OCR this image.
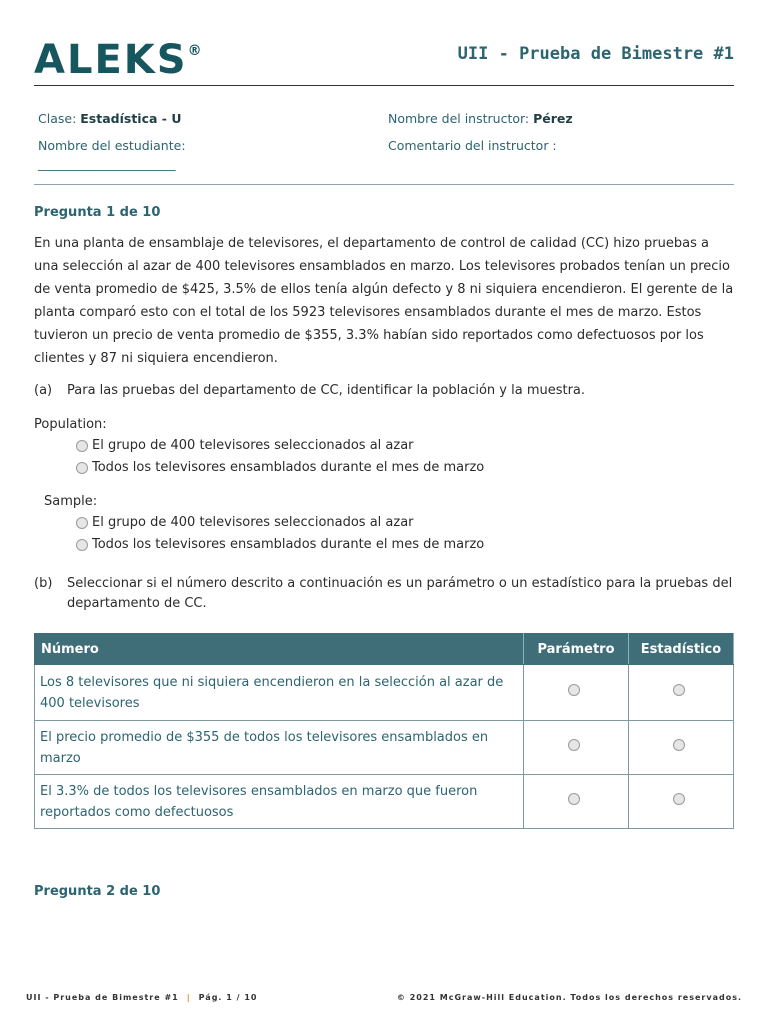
ALEKS®	UII - Prueba de Bimestre #1
Clase: Estadística - U	Nombre del instructor: Pérez
Nombre del estudiante:
______________________
Comentario del instructor :
Pregunta 1 de 10
En una planta de ensamblaje de televisores, el departamento de control de calidad (CC) hizo pruebas a una selección al azar de 400 televisores ensamblados en marzo. Los televisores probados tenían un precio de venta promedio de $425, 3.5% de ellos tenía algún defecto y 8 ni siquiera encendieron. El gerente de la planta comparó esto con el total de los 5923 televisores ensamblados durante el mes de marzo. Estos tuvieron un precio de venta promedio de $355, 3.3% habían sido reportados como defectuosos por los clientes y 87 ni siquiera encendieron.
(a) Para las pruebas del departamento de CC, identificar la población y la muestra.
Population:
El grupo de 400 televisores seleccionados al azar
Todos los televisores ensamblados durante el mes de marzo
Sample:
El grupo de 400 televisores seleccionados al azar
Todos los televisores ensamblados durante el mes de marzo
(b) Seleccionar si el número descrito a continuación es un parámetro o un estadístico para la pruebas del departamento de CC.
Número	Parámetro	Estadístico
Los 8 televisores que ni siquiera encendieron en la selección al azar de 400 televisores		
El precio promedio de $355 de todos los televisores ensamblados en marzo		
El 3.3% de todos los televisores ensamblados en marzo que fueron reportados como defectuosos		
Pregunta 2 de 10
UII - Prueba de Bimestre #1 | Pág. 1 / 10	© 2021 McGraw-Hill Education. Todos los derechos reservados.
